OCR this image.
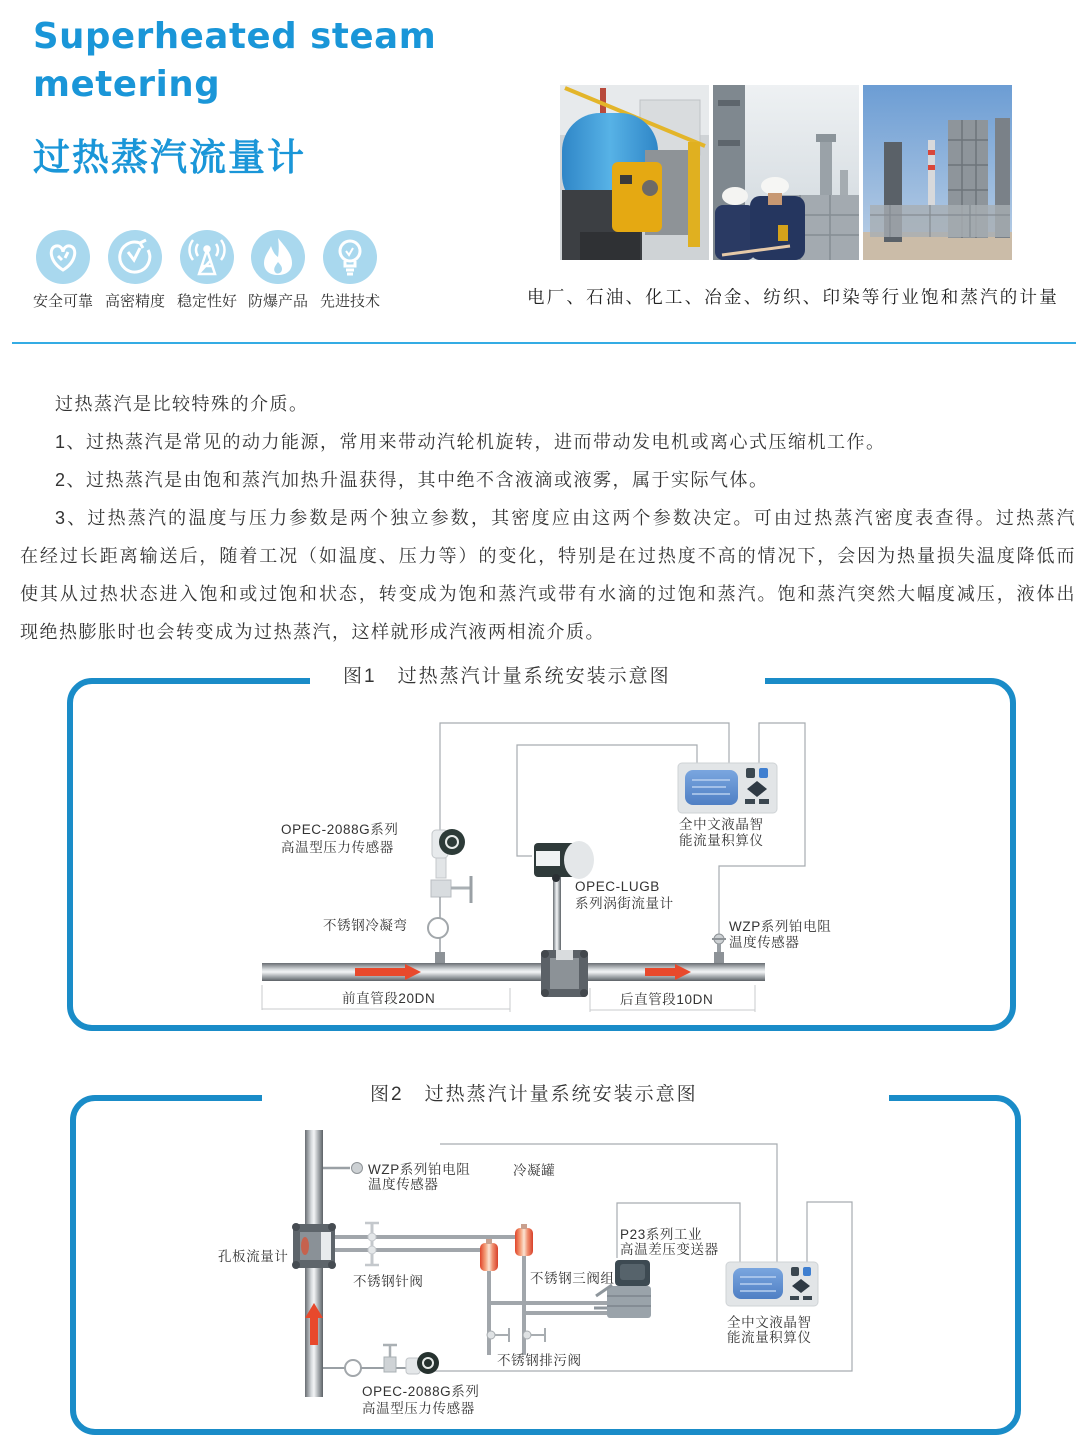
Superheated steam
metering
过热蒸汽流量计
安全可靠 高密精度 稳定性好 防爆产品 先进技术	电厂、石油、化工、冶金、纺织、印染等行业饱和蒸汽的计量
过热蒸汽是比较特殊的介质。
1、过热蒸汽是常见的动力能源，常用来带动汽轮机旋转，进而带动发电机或离心式压缩机工作。
2、过热蒸汽是由饱和蒸汽加热升温获得，其中绝不含液滴或液雾，属于实际气体。
3、过热蒸汽的温度与压力参数是两个独立参数，其密度应由这两个参数决定。可由过热蒸汽密度表查得。过热蒸汽
在经过长距离输送后，随着工况（如温度、压力等）的变化，特别是在过热度不高的情况下，会因为热量损失温度降低而
使其从过热状态进入饱和或过饱和状态，转变成为饱和蒸汽或带有水滴的过饱和蒸汽。饱和蒸汽突然大幅度减压，液体出
现绝热膨胀时也会转变成为过热蒸汽，这样就形成汽液两相流介质。
图1　过热蒸汽计量系统安装示意图
OPEC-2088G系列
高温型压力传感器
不锈钢冷凝弯
OPEC-LUGB
系列涡街流量计
全中文液晶智
能流量积算仪
WZP系列铂电阻
温度传感器
前直管段20DN	后直管段10DN
图2　过热蒸汽计量系统安装示意图
WZP系列铂电阻
温度传感器
冷凝罐
孔板流量计
不锈钢针阀	不锈钢三阀组
P23系列工业
高温差压变送器
不锈钢排污阀
全中文液晶智
能流量积算仪
OPEC-2088G系列
高温型压力传感器
